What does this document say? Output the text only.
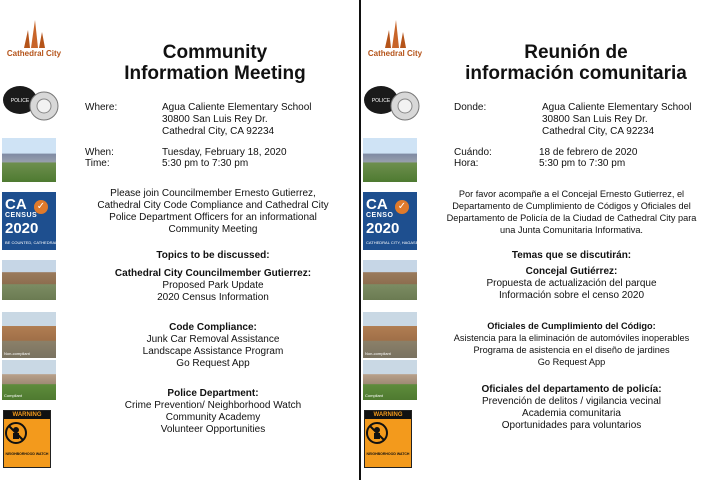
Cathedral City
POLICE
CA ✓
CENSUS
2020
BE COUNTED, CATHEDRAL CITY
Non-compliant
Compliant
WARNING
NEIGHBORHOOD WATCH
Community
Information Meeting
Where:	Agua Caliente Elementary School
30800 San Luis Rey Dr.
Cathedral City, CA 92234
When:	Tuesday, February 18, 2020
Time:	5:30 pm to 7:30 pm
Please join Councilmember Ernesto Gutierrez,
Cathedral City Code Compliance and Cathedral City
Police Department Officers for an informational
Community Meeting
Topics to be discussed:
Cathedral City Councilmember Gutierrez:
Proposed Park Update
2020 Census Information
Code Compliance:
Junk Car Removal Assistance
Landscape Assistance Program
Go Request App
Police Department:
Crime Prevention/ Neighborhood Watch
Community Academy
Volunteer Opportunities
Cathedral City
POLICE
CA ✓
CENSO
2020
CATHEDRAL CITY, HAGASE CONTAR
Non-compliant
Compliant
WARNING
NEIGHBORHOOD WATCH
Reunión de
información comunitaria
Donde:	Agua Caliente Elementary School
30800 San Luis Rey Dr.
Cathedral City, CA 92234
Cuándo:	18 de febrero de 2020
Hora:	5:30 pm to 7:30 pm
Por favor acompañe a el Concejal Ernesto Gutierrez, el
Departamento de Cumplimiento de Códigos y Oficiales del
Departamento de Policía de la Ciudad de Cathedral City para
una Junta Comunitaria Informativa.
Temas que se discutirán:
Concejal Gutiérrez:
Propuesta de actualización del parque
Información sobre el censo 2020
Oficiales de Cumplimiento del Código:
Asistencia para la eliminación de automóviles inoperables
Programa de asistencia en el diseño de jardines
Go Request App
Oficiales del departamento de policía:
Prevención de delitos / vigilancia vecinal
Academia comunitaria
Oportunidades para voluntarios
